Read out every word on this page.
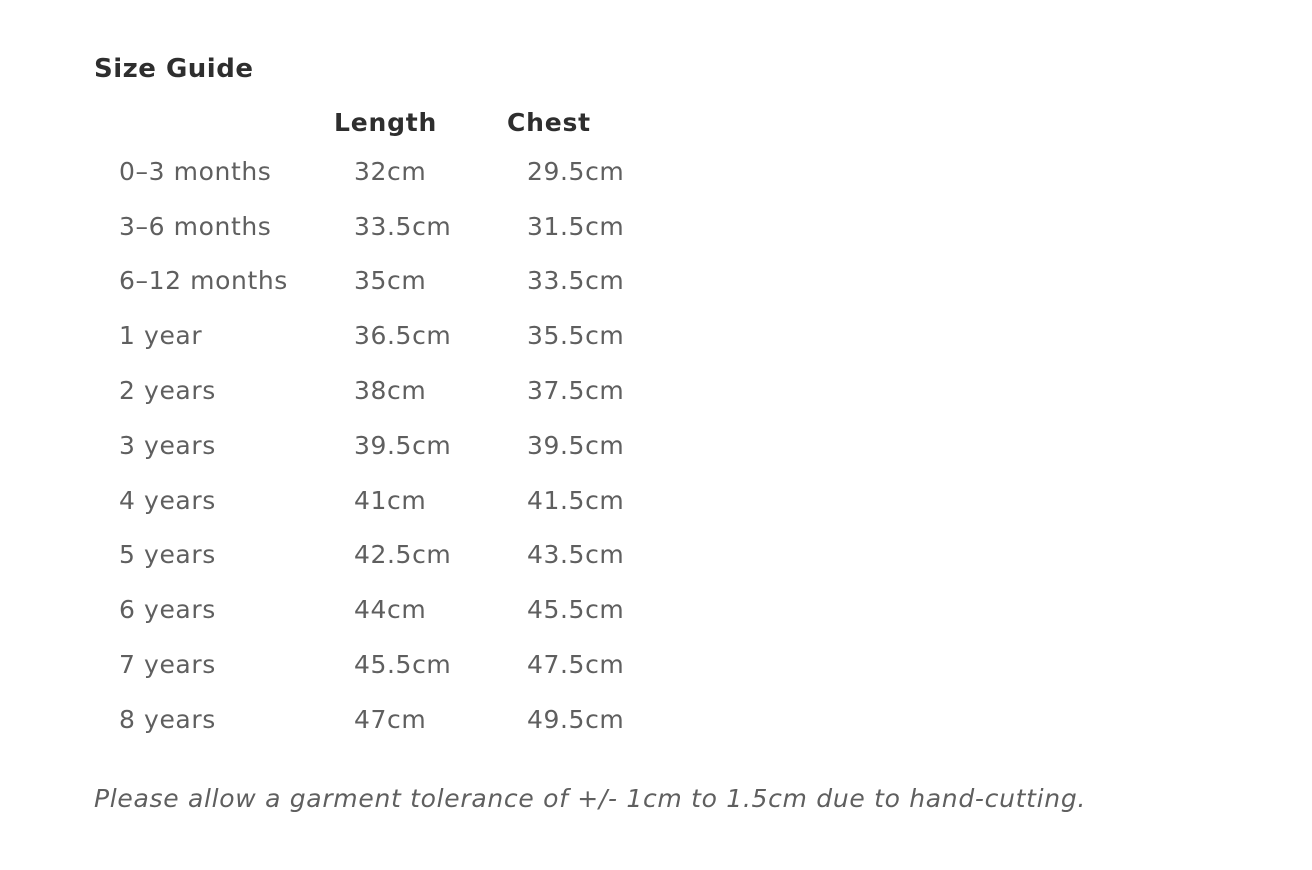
Size Guide
	Length	Chest
0–3 months	32cm	29.5cm
3–6 months	33.5cm	31.5cm
6–12 months	35cm	33.5cm
1 year	36.5cm	35.5cm
2 years	38cm	37.5cm
3 years	39.5cm	39.5cm
4 years	41cm	41.5cm
5 years	42.5cm	43.5cm
6 years	44cm	45.5cm
7 years	45.5cm	47.5cm
8 years	47cm	49.5cm
Please allow a garment tolerance of +/- 1cm to 1.5cm due to hand-cutting.
